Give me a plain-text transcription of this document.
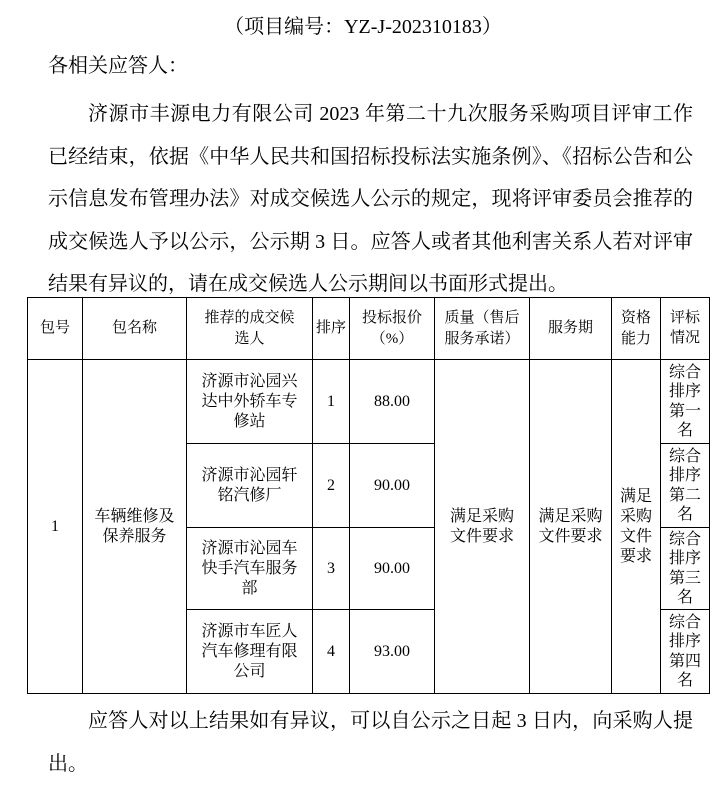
（项目编号：YZ-J-202310183）
各相关应答人：
济源市丰源电力有限公司 2023 年第二十九次服务采购项目评审工作已经结束，依据《中华人民共和国招标投标法实施条例》、《招标公告和公示信息发布管理办法》对成交候选人公示的规定，现将评审委员会推荐的成交候选人予以公示，公示期 3 日。应答人或者其他利害关系人若对评审结果有异议的，请在成交候选人公示期间以书面形式提出。
包号	包名称	推荐的成交候选人	排序	投标报价（%）	质量（售后服务承诺）	服务期	资格能力	评标情况
1	车辆维修及保养服务	济源市沁园兴达中外轿车专修站	1	88.00	满足采购文件要求	满足采购文件要求	满足采购文件要求	综合排序第一名
		济源市沁园轩铭汽修厂	2	90.00				综合排序第二名
		济源市沁园车快手汽车服务部	3	90.00				综合排序第三名
		济源市车匠人汽车修理有限公司	4	93.00				综合排序第四名
应答人对以上结果如有异议，可以自公示之日起 3 日内，向采购人提出。
